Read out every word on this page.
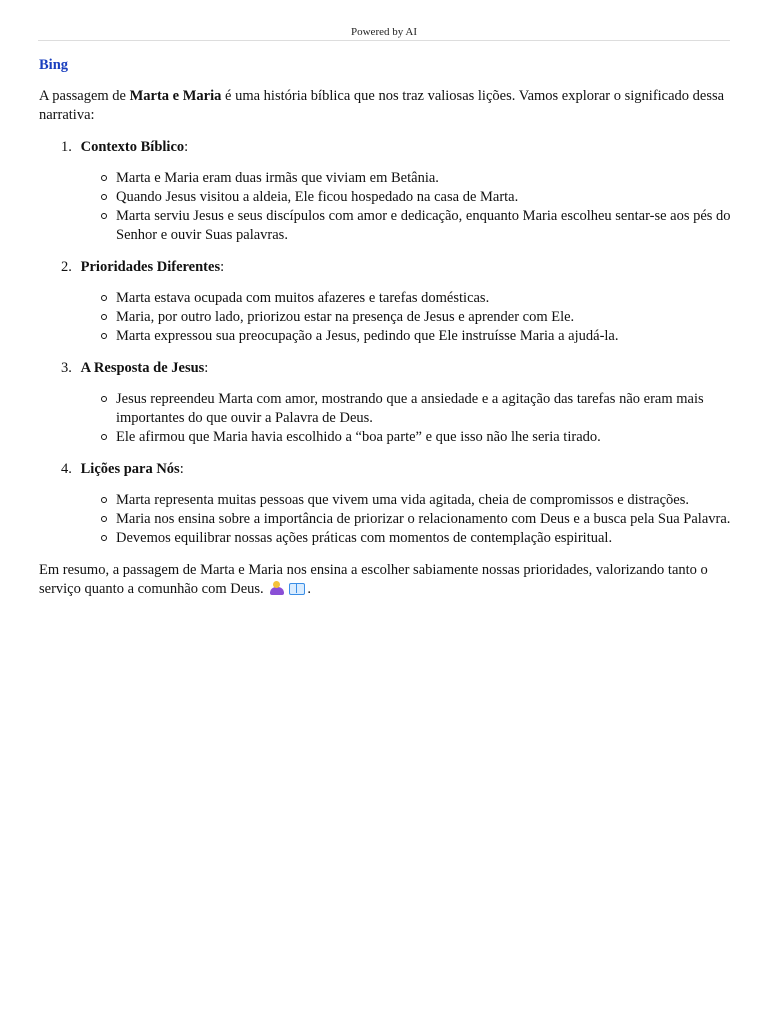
Powered by AI
Bing

A passagem de Marta e Maria é uma história bíblica que nos traz valiosas lições. Vamos explorar o significado dessa narrativa:

1. Contexto Bíblico:
Marta e Maria eram duas irmãs que viviam em Betânia.
Quando Jesus visitou a aldeia, Ele ficou hospedado na casa de Marta.
Marta serviu Jesus e seus discípulos com amor e dedicação, enquanto Maria escolheu sentar-se aos pés do Senhor e ouvir Suas palavras.
2. Prioridades Diferentes:
Marta estava ocupada com muitos afazeres e tarefas domésticas.
Maria, por outro lado, priorizou estar na presença de Jesus e aprender com Ele.
Marta expressou sua preocupação a Jesus, pedindo que Ele instruísse Maria a ajudá-la.
3. A Resposta de Jesus:
Jesus repreendeu Marta com amor, mostrando que a ansiedade e a agitação das tarefas não eram mais importantes do que ouvir a Palavra de Deus.
Ele afirmou que Maria havia escolhido a “boa parte” e que isso não lhe seria tirado.
4. Lições para Nós:
Marta representa muitas pessoas que vivem uma vida agitada, cheia de compromissos e distrações.
Maria nos ensina sobre a importância de priorizar o relacionamento com Deus e a busca pela Sua Palavra.
Devemos equilibrar nossas ações práticas com momentos de contemplação espiritual.

Em resumo, a passagem de Marta e Maria nos ensina a escolher sabiamente nossas prioridades, valorizando tanto o serviço quanto a comunhão com Deus.	.
